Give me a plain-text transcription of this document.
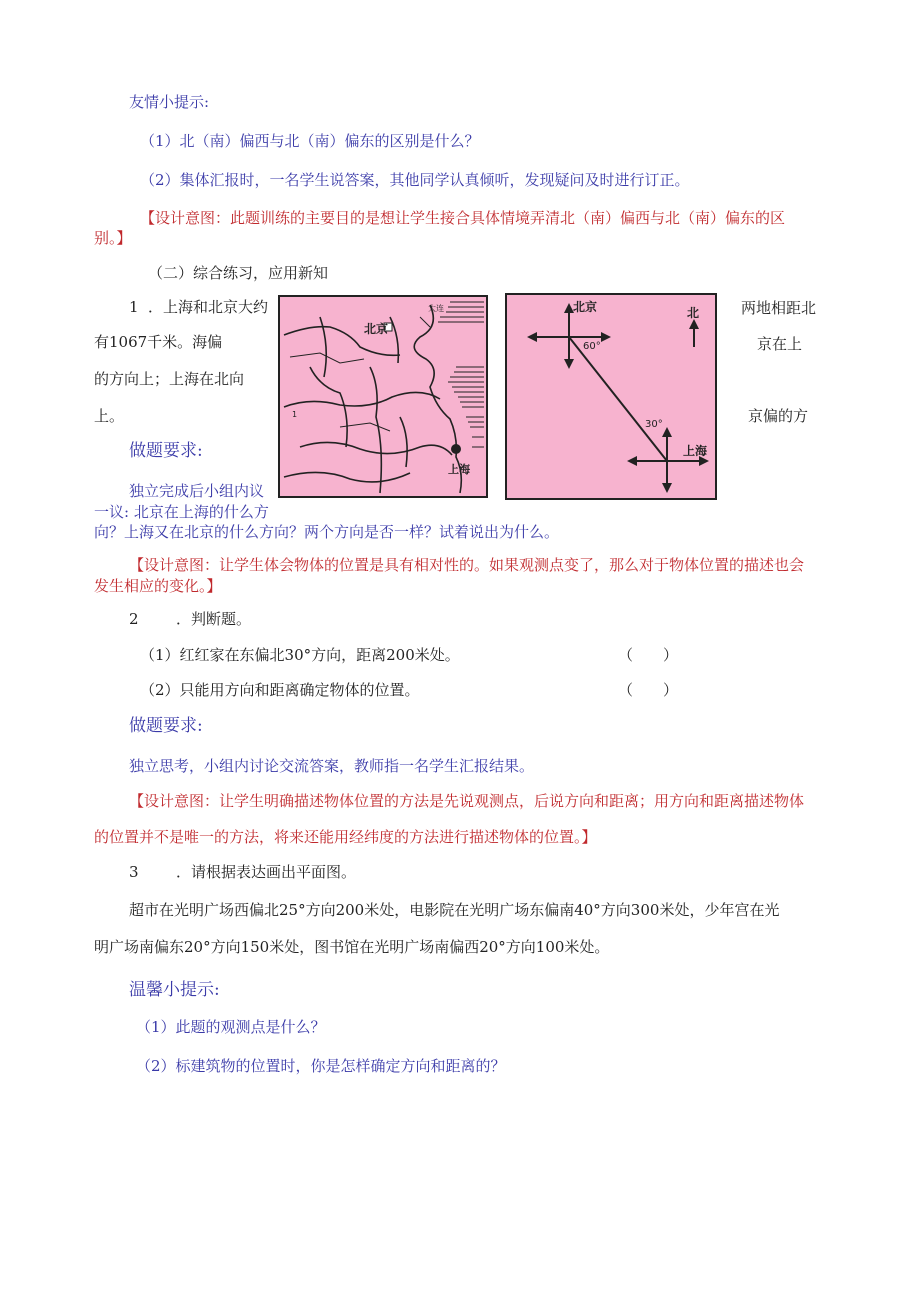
友情小提示:
（1）北（南）偏西与北（南）偏东的区别是什么？
（2）集体汇报时，一名学生说答案，其他同学认真倾听，发现疑问及时进行订正。
【设计意图：此题训练的主要目的是想让学生接合具体情境弄清北（南）偏西与北（南）偏东的区
别。】
（二）综合练习，应用新知
1 ．上海和北京大约
有1067千米。海偏
的方向上；上海在北向
上。
两地相距北
京在上
京偏的方
北京
上海
大连
1
北京
上海
北
60°
30°
做题要求:
独立完成后小组内议
一议: 北京在上海的什么方
向？上海又在北京的什么方向？两个方向是否一样？试着说出为什么。
【设计意图：让学生体会物体的位置是具有相对性的。如果观测点变了，那么对于物体位置的描述也会
发生相应的变化。】
2 ．判断题。
（1）红红家在东偏北30°方向，距离200米处。	（　　）
（2）只能用方向和距离确定物体的位置。	（　　）
做题要求:
独立思考，小组内讨论交流答案，教师指一名学生汇报结果。
【设计意图：让学生明确描述物体位置的方法是先说观测点，后说方向和距离；用方向和距离描述物体
的位置并不是唯一的方法，将来还能用经纬度的方法进行描述物体的位置。】
3 ．请根据表达画出平面图。
超市在光明广场西偏北25°方向200米处，电影院在光明广场东偏南40°方向300米处，少年宫在光
明广场南偏东20°方向150米处，图书馆在光明广场南偏西20°方向100米处。
温馨小提示:
（1）此题的观测点是什么？
（2）标建筑物的位置时，你是怎样确定方向和距离的？
